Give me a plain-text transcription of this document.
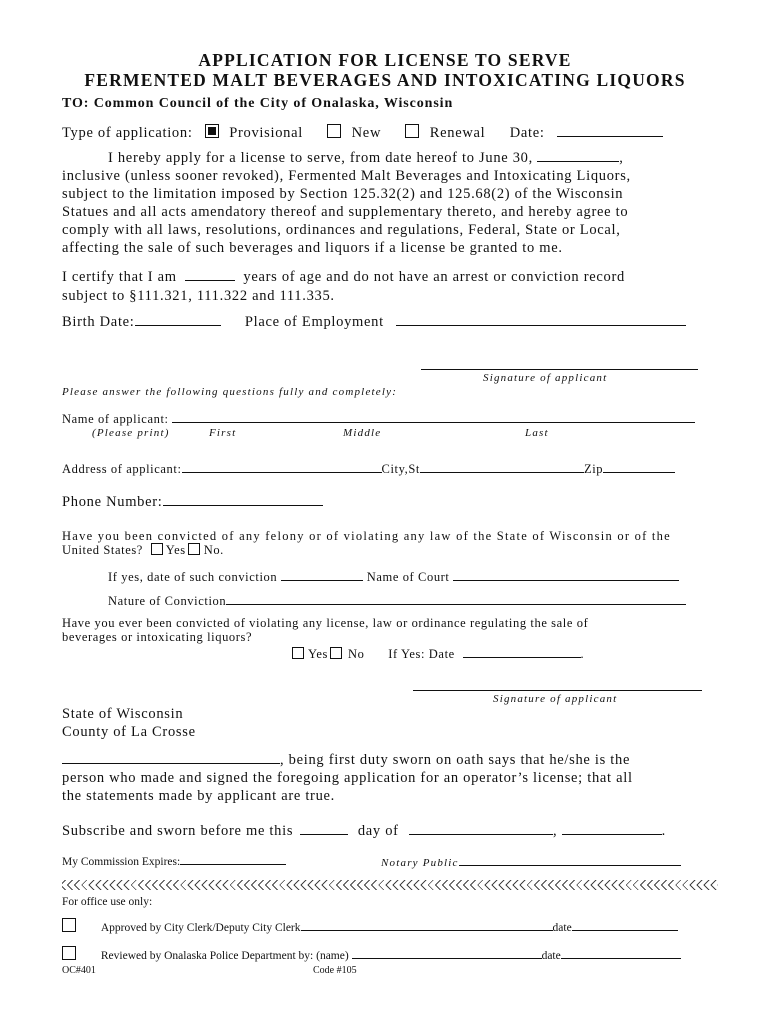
APPLICATION FOR LICENSE TO SERVE
FERMENTED MALT BEVERAGES AND INTOXICATING LIQUORS
TO: Common Council of the City of Onalaska, Wisconsin
Type of application:	Provisional	New	Renewal Date:
I hereby apply for a license to serve, from date hereof to June 30,	,
inclusive (unless sooner revoked), Fermented Malt Beverages and Intoxicating Liquors,
subject to the limitation imposed by Section 125.32(2) and 125.68(2) of the Wisconsin
Statues and all acts amendatory thereof and supplementary thereto, and hereby agree to
comply with all laws, resolutions, ordinances and regulations, Federal, State or Local,
affecting the sale of such beverages and liquors if a license be granted to me.
I certify that I am	years of age and do not have an arrest or conviction record
subject to §111.321, 111.322 and 111.335.
Birth Date:	Place of Employment
Signature of applicant
Please answer the following questions fully and completely:
Name of applicant:
(Please print)	First	Middle	Last
Address of applicant:	City,St	Zip
Phone Number:
Have you been convicted of any felony or of violating any law of the State of Wisconsin or of the
United States? Yes No.
If yes, date of such conviction	Name of Court
Nature of Conviction
Have you ever been convicted of violating any license, law or ordinance regulating the sale of
beverages or intoxicating liquors?
Yes No If Yes: Date	.
Signature of applicant
State of Wisconsin
County of La Crosse
, being first duty sworn on oath says that he/she is the
person who made and signed the foregoing application for an operator’s license; that all
the statements made by applicant are true.
Subscribe and sworn before me this	day of	,	.
My Commission Expires:	Notary Public
For office use only:
Approved by City Clerk/Deputy City Clerk	date
Reviewed by Onalaska Police Department by: (name)	date
OC#401	Code #105
